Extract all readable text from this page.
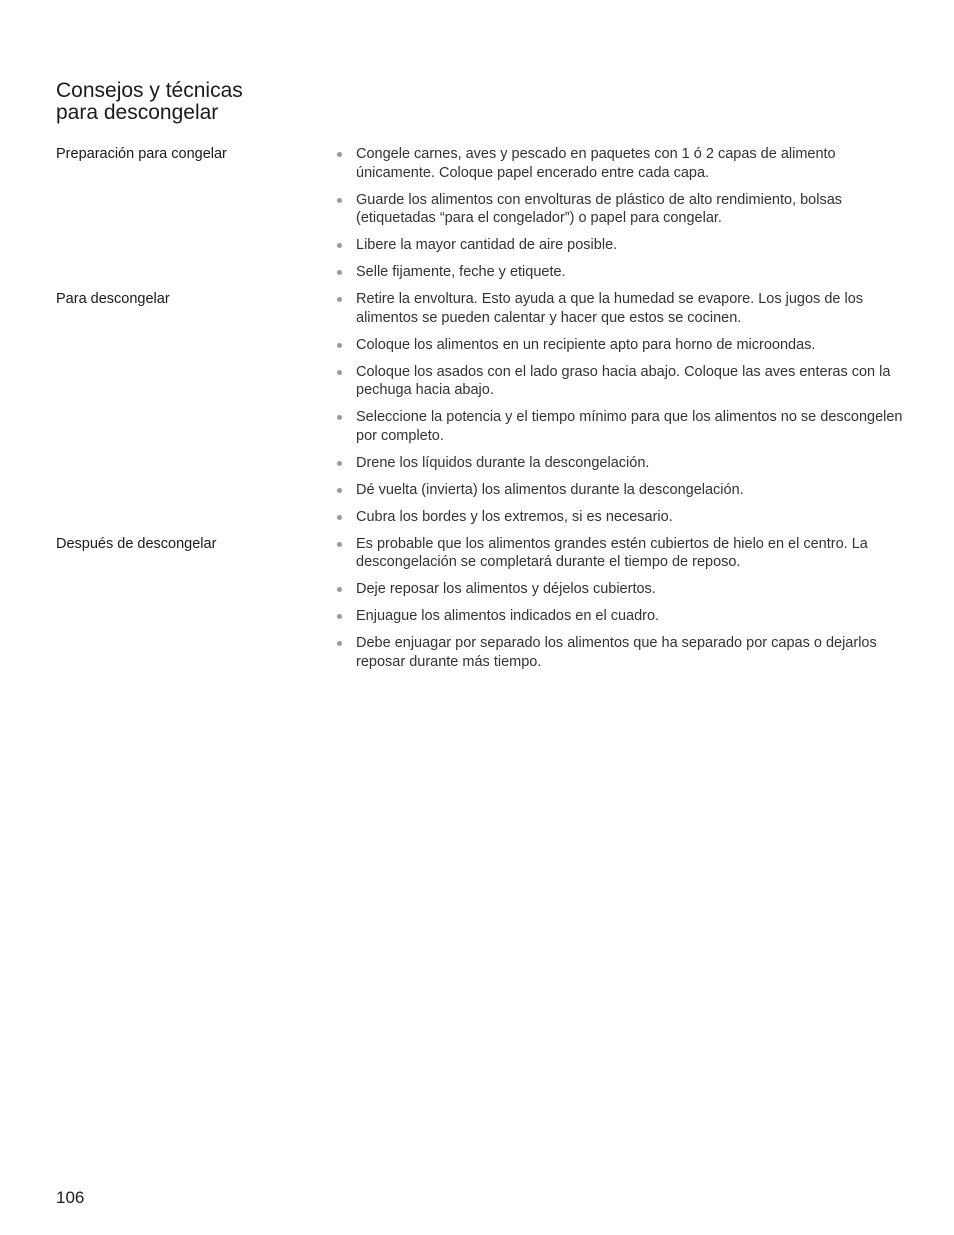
Consejos y técnicas
para descongelar
Preparación para congelar	Congele carnes, aves y pescado en paquetes con 1 ó 2 capas de alimento únicamente. Coloque papel encerado entre cada capa.
Guarde los alimentos con envolturas de plástico de alto rendimiento, bolsas (etiquetadas “para el congelador”) o papel para congelar.
Libere la mayor cantidad de aire posible.
Selle fijamente, feche y etiquete.
Para descongelar	Retire la envoltura. Esto ayuda a que la humedad se evapore. Los jugos de los alimentos se pueden calentar y hacer que estos se cocinen.
Coloque los alimentos en un recipiente apto para horno de microondas.
Coloque los asados con el lado graso hacia abajo. Coloque las aves enteras con la pechuga hacia abajo.
Seleccione la potencia y el tiempo mínimo para que los alimentos no se descongelen por completo.
Drene los líquidos durante la descongelación.
Dé vuelta (invierta) los alimentos durante la descongelación.
Cubra los bordes y los extremos, si es necesario.
Después de descongelar	Es probable que los alimentos grandes estén cubiertos de hielo en el centro. La descongelación se completará durante el tiempo de reposo.
Deje reposar los alimentos y déjelos cubiertos.
Enjuague los alimentos indicados en el cuadro.
Debe enjuagar por separado los alimentos que ha separado por capas o dejarlos reposar durante más tiempo.
106
